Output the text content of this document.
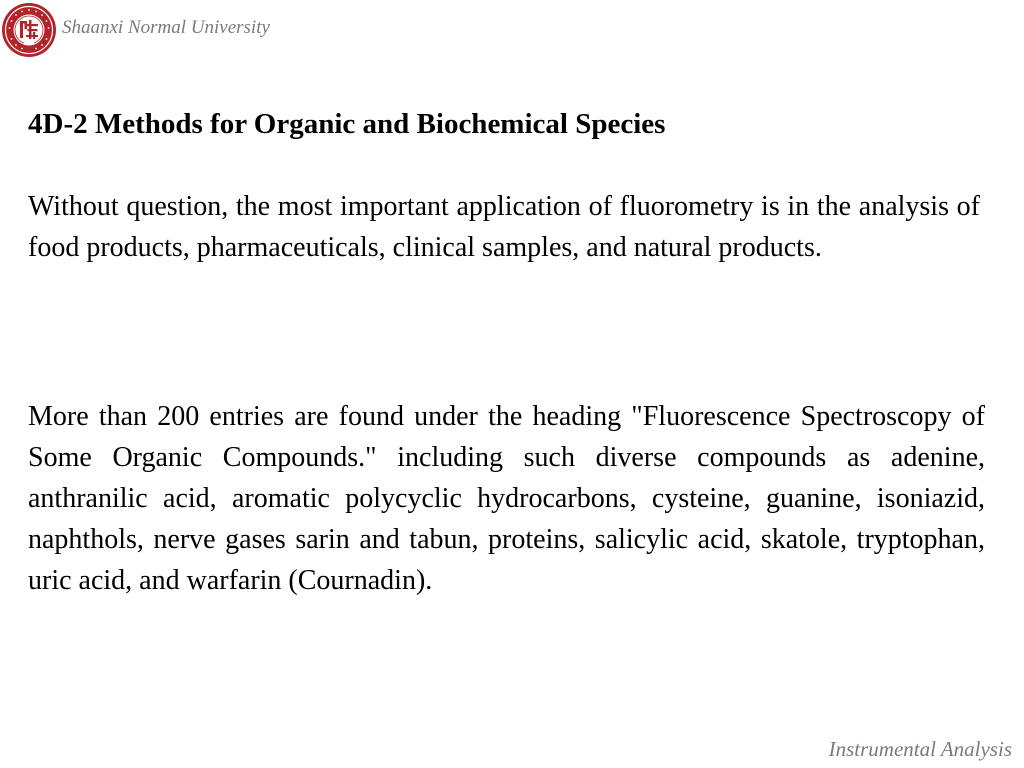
Shaanxi Normal University
4D-2 Methods for Organic and Biochemical Species

Without question, the most important application of fluorometry is in the analysis of food products, pharmaceuticals, clinical samples, and natural products.

More than 200 entries are found under the heading "Fluorescence Spectroscopy of Some Organic Compounds." including such diverse compounds as adenine, anthranilic acid, aromatic polycyclic hydrocarbons, cysteine, guanine, isoniazid, naphthols, nerve gases sarin and tabun, proteins, salicylic acid, skatole, tryptophan, uric acid, and warfarin (Cournadin).

Instrumental Analysis
